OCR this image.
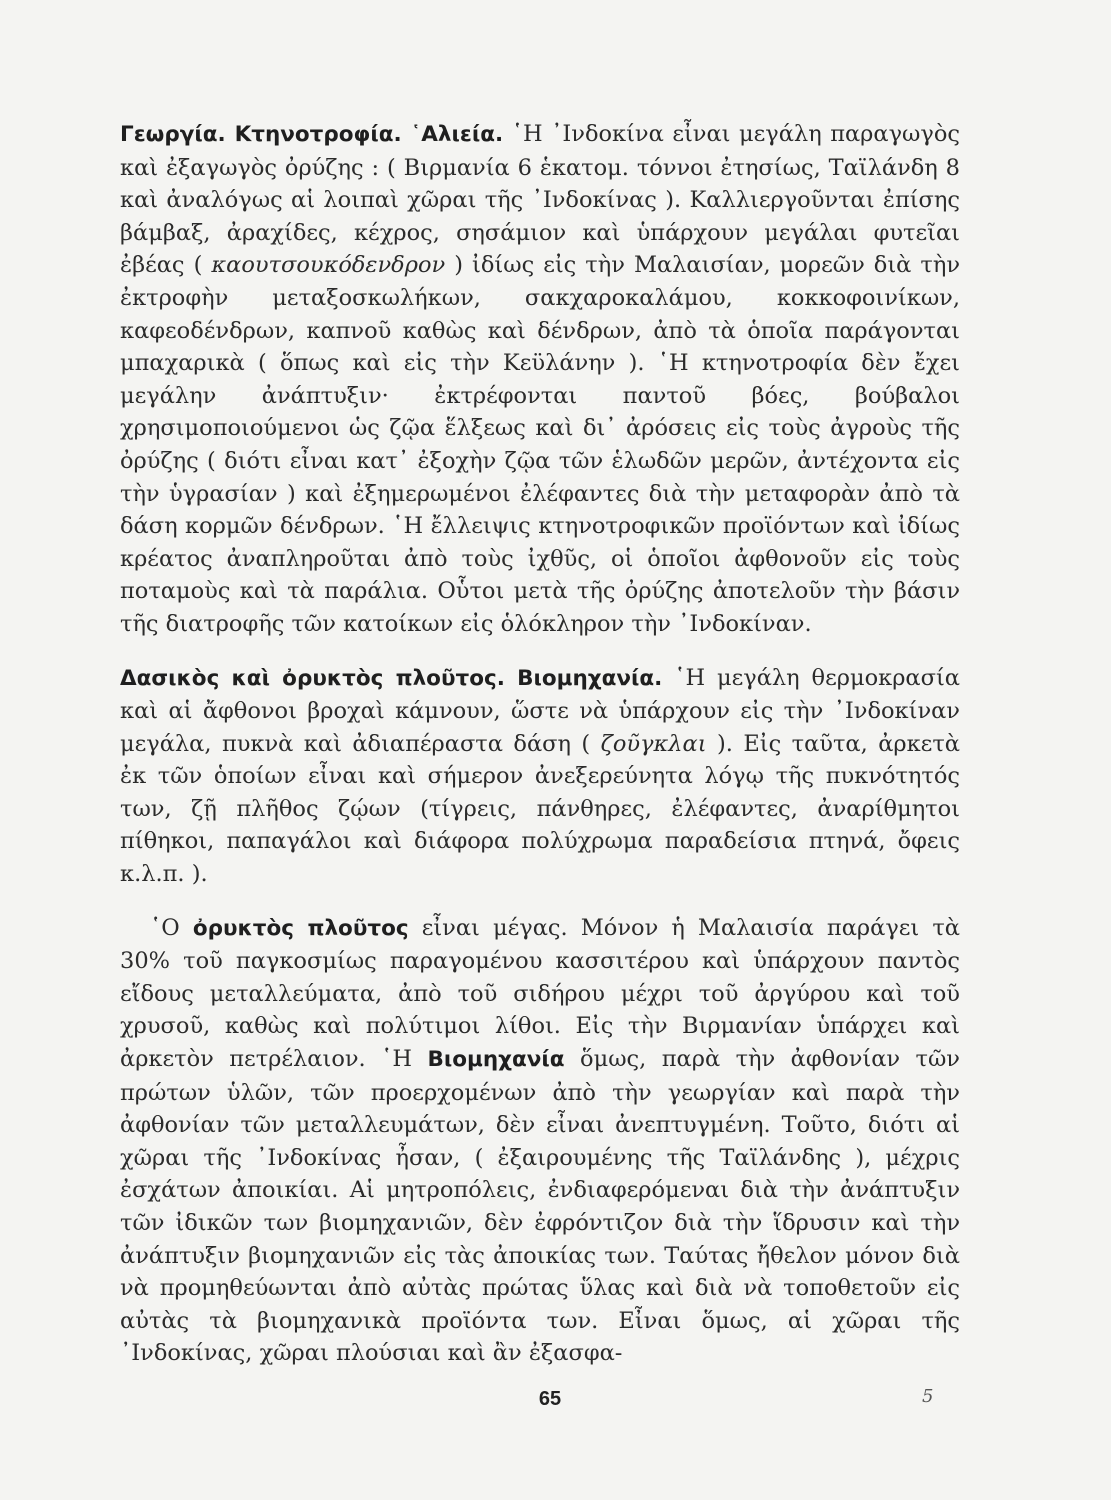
Γεωργία. Κτηνοτροφία. ῾Αλιεία. ῾Η ᾿Ινδοκίνα εἶναι μεγάλη παραγωγὸς καὶ ἐξαγωγὸς ὀρύζης : ( Βιρμανία 6 ἑκατομ. τόννοι ἐτησίως, Ταϊλάνδη 8 καὶ ἀναλόγως αἱ λοιπαὶ χῶραι τῆς ᾿Ινδοκίνας ). Καλλιεργοῦνται ἐπίσης βάμβαξ, ἀραχίδες, κέχρος, σησάμιον καὶ ὑπάρχουν μεγάλαι φυτεῖαι ἐβέας ( καουτσουκόδενδρον ) ἰδίως εἰς τὴν Μαλαισίαν, μορεῶν διὰ τὴν ἐκτροφὴν μεταξοσκωλήκων, σακχαροκαλάμου, κοκκοφοινίκων, καφεοδένδρων, καπνοῦ καθὼς καὶ δένδρων, ἀπὸ τὰ ὁποῖα παράγονται μπαχαρικὰ ( ὅπως καὶ εἰς τὴν Κεϋλάνην ). ῾Η κτηνοτροφία δὲν ἔχει μεγάλην ἀνάπτυξιν· ἐκτρέφονται παντοῦ βόες, βούβαλοι χρησιμοποιούμενοι ὡς ζῷα ἕλξεως καὶ δι᾿ ἀρόσεις εἰς τοὺς ἀγροὺς τῆς ὀρύζης ( διότι εἶναι κατ᾿ ἐξοχὴν ζῷα τῶν ἑλωδῶν μερῶν, ἀντέχοντα εἰς τὴν ὑγρασίαν ) καὶ ἐξημερωμένοι ἐλέφαντες διὰ τὴν μεταφορὰν ἀπὸ τὰ δάση κορμῶν δένδρων. ῾Η ἔλλειψις κτηνοτροφικῶν προϊόντων καὶ ἰδίως κρέατος ἀναπληροῦται ἀπὸ τοὺς ἰχθῦς, οἱ ὁποῖοι ἀφθονοῦν εἰς τοὺς ποταμοὺς καὶ τὰ παράλια. Οὗτοι μετὰ τῆς ὀρύζης ἀποτελοῦν τὴν βάσιν τῆς διατροφῆς τῶν κατοίκων εἰς ὁλόκληρον τὴν ᾿Ινδοκίναν.

Δασικὸς καὶ ὀρυκτὸς πλοῦτος. Βιομηχανία. ῾Η μεγάλη θερμοκρασία καὶ αἱ ἄφθονοι βροχαὶ κάμνουν, ὥστε νὰ ὑπάρχουν εἰς τὴν ᾿Ινδοκίναν μεγάλα, πυκνὰ καὶ ἀδιαπέραστα δάση ( ζοῦγκλαι ). Εἰς ταῦτα, ἀρκετὰ ἐκ τῶν ὁποίων εἶναι καὶ σήμερον ἀνεξερεύνητα λόγῳ τῆς πυκνότητός των, ζῇ πλῆθος ζῴων (τίγρεις, πάνθηρες, ἐλέφαντες, ἀναρίθμητοι πίθηκοι, παπαγάλοι καὶ διάφορα πολύχρωμα παραδείσια πτηνά, ὄφεις κ.λ.π. ).

῾Ο ὀρυκτὸς πλοῦτος εἶναι μέγας. Μόνον ἡ Μαλαισία παράγει τὰ 30% τοῦ παγκοσμίως παραγομένου κασσιτέρου καὶ ὑπάρχουν παντὸς εἴδους μεταλλεύματα, ἀπὸ τοῦ σιδήρου μέχρι τοῦ ἀργύρου καὶ τοῦ χρυσοῦ, καθὼς καὶ πολύτιμοι λίθοι. Εἰς τὴν Βιρμανίαν ὑπάρχει καὶ ἀρκετὸν πετρέλαιον. ῾Η Βιομηχανία ὅμως, παρὰ τὴν ἀφθονίαν τῶν πρώτων ὑλῶν, τῶν προερχομένων ἀπὸ τὴν γεωργίαν καὶ παρὰ τὴν ἀφθονίαν τῶν μεταλλευμάτων, δὲν εἶναι ἀνεπτυγμένη. Τοῦτο, διότι αἱ χῶραι τῆς ᾿Ινδοκίνας ἦσαν, ( ἐξαιρουμένης τῆς Ταϊλάνδης ), μέχρις ἐσχάτων ἀποικίαι. Αἱ μητροπόλεις, ἐνδιαφερόμεναι διὰ τὴν ἀνάπτυξιν τῶν ἰδικῶν των βιομηχανιῶν, δὲν ἐφρόντιζον διὰ τὴν ἵδρυσιν καὶ τὴν ἀνάπτυξιν βιομηχανιῶν εἰς τὰς ἀποικίας των. Ταύτας ἤθελον μόνον διὰ νὰ προμηθεύωνται ἀπὸ αὐτὰς πρώτας ὕλας καὶ διὰ νὰ τοποθετοῦν εἰς αὐτὰς τὰ βιομηχανικὰ προϊόντα των. Εἶναι ὅμως, αἱ χῶραι τῆς ᾿Ινδοκίνας, χῶραι πλούσιαι καὶ ἂν ἐξασφα-

65	5
